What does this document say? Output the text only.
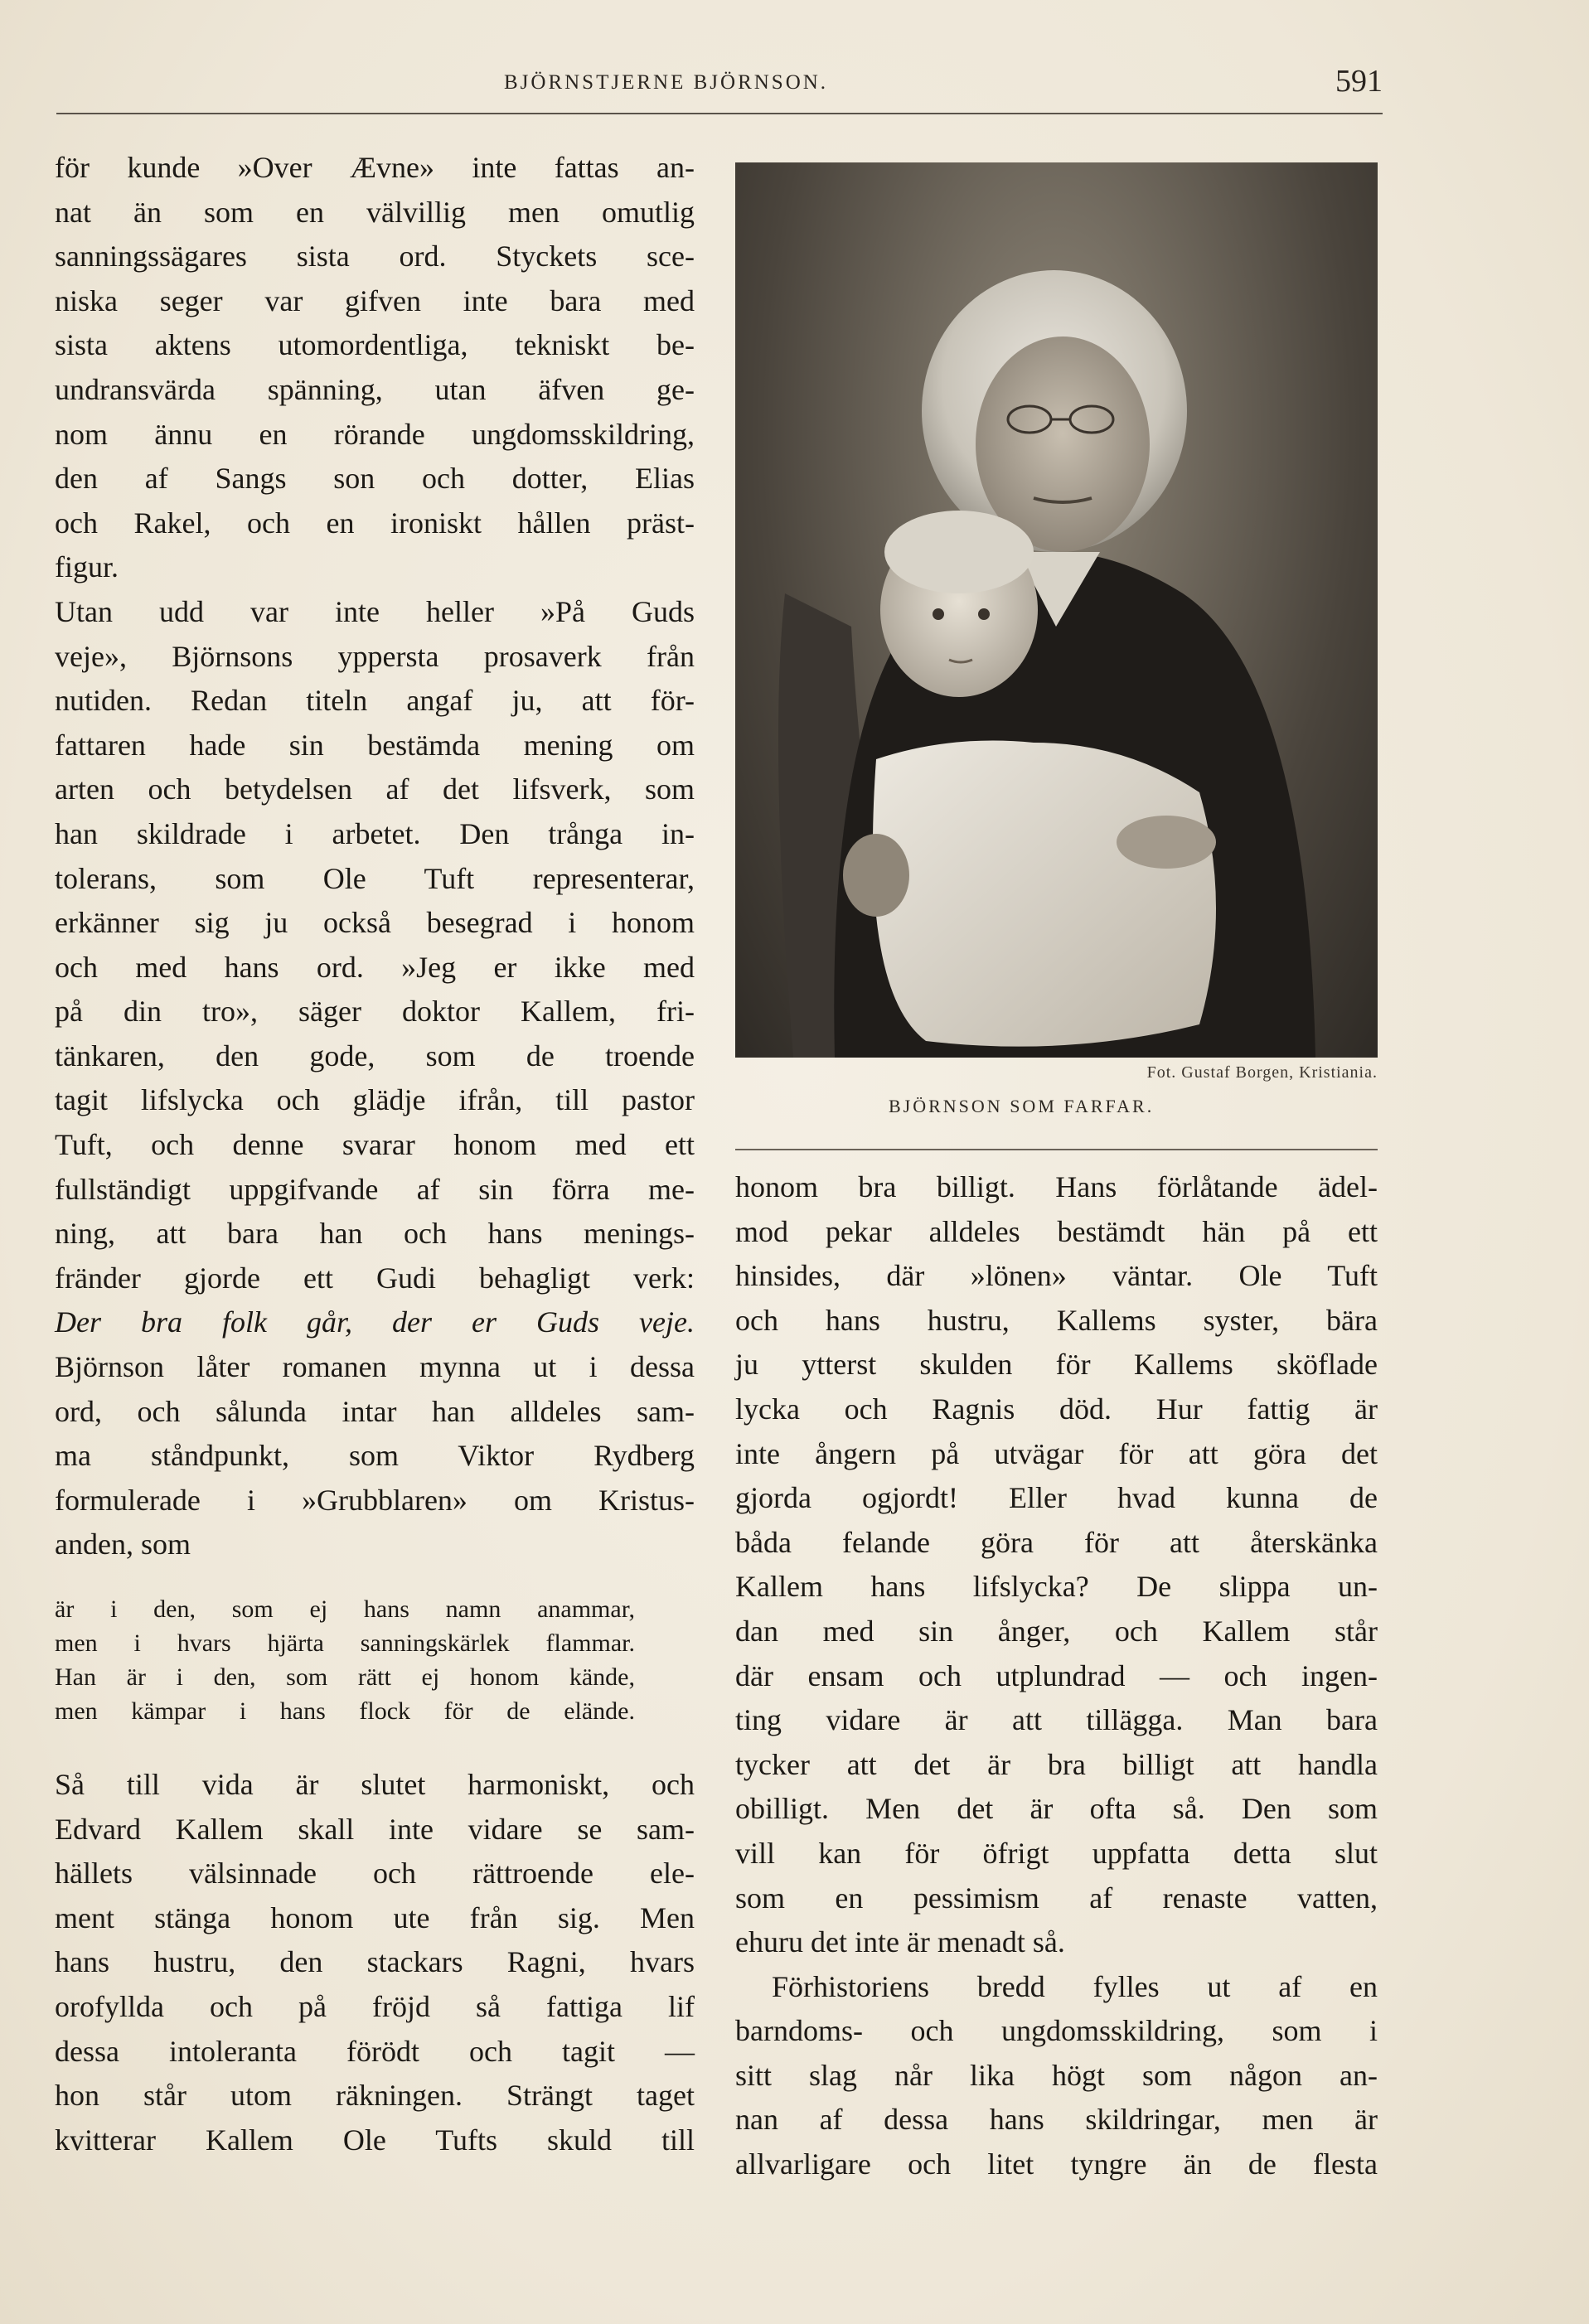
BJÖRNSTJERNE BJÖRNSON.	591

för kunde »Over Ævne» inte fattas an-
nat än som en välvillig men omutlig
sanningssägares sista ord. Styckets sce-
niska seger var gifven inte bara med
sista aktens utomordentliga, tekniskt be-
undransvärda spänning, utan äfven ge-
nom ännu en rörande ungdomsskildring,
den af Sangs son och dotter, Elias
och Rakel, och en ironiskt hållen präst-
figur.

Utan udd var inte heller »På Guds
veje», Björnsons yppersta prosaverk från
nutiden. Redan titeln angaf ju, att för-
fattaren hade sin bestämda mening om
arten och betydelsen af det lifsverk, som
han skildrade i arbetet. Den trånga in-
tolerans, som Ole Tuft representerar,
erkänner sig ju också besegrad i honom
och med hans ord. »Jeg er ikke med
på din tro», säger doktor Kallem, fri-
tänkaren, den gode, som de troende
tagit lifslycka och glädje ifrån, till pastor
Tuft, och denne svarar honom med ett
fullständigt uppgifvande af sin förra me-
ning, att bara han och hans menings-
fränder gjorde ett Gudi behagligt verk:
Der bra folk går, der er Guds veje.
Björnson låter romanen mynna ut i dessa
ord, och sålunda intar han alldeles sam-
ma ståndpunkt, som Viktor Rydberg
formulerade i »Grubblaren» om Kristus-
anden, som

är i den, som ej hans namn anammar,
men i hvars hjärta sanningskärlek flammar.
Han är i den, som rätt ej honom kände,
men kämpar i hans flock för de elände.

Så till vida är slutet harmoniskt, och
Edvard Kallem skall inte vidare se sam-
hällets välsinnade och rättroende ele-
ment stänga honom ute från sig. Men
hans hustru, den stackars Ragni, hvars
orofyllda och på fröjd så fattiga lif
dessa intoleranta förödt och tagit —
hon står utom räkningen. Strängt taget
kvitterar Kallem Ole Tufts skuld till

Fot. Gustaf Borgen, Kristiania.
BJÖRNSON SOM FARFAR.

honom bra billigt. Hans förlåtande ädel-
mod pekar alldeles bestämdt hän på ett
hinsides, där »lönen» väntar. Ole Tuft
och hans hustru, Kallems syster, bära
ju ytterst skulden för Kallems sköflade
lycka och Ragnis död. Hur fattig är
inte ångern på utvägar för att göra det
gjorda ogjordt! Eller hvad kunna de
båda felande göra för att återskänka
Kallem hans lifslycka? De slippa un-
dan med sin ånger, och Kallem står
där ensam och utplundrad — och ingen-
ting vidare är att tillägga. Man bara
tycker att det är bra billigt att handla
obilligt. Men det är ofta så. Den som
vill kan för öfrigt uppfatta detta slut
som en pessimism af renaste vatten,
ehuru det inte är menadt så.

Förhistoriens bredd fylles ut af en
barndoms- och ungdomsskildring, som i
sitt slag når lika högt som någon an-
nan af dessa hans skildringar, men är
allvarligare och litet tyngre än de flesta
